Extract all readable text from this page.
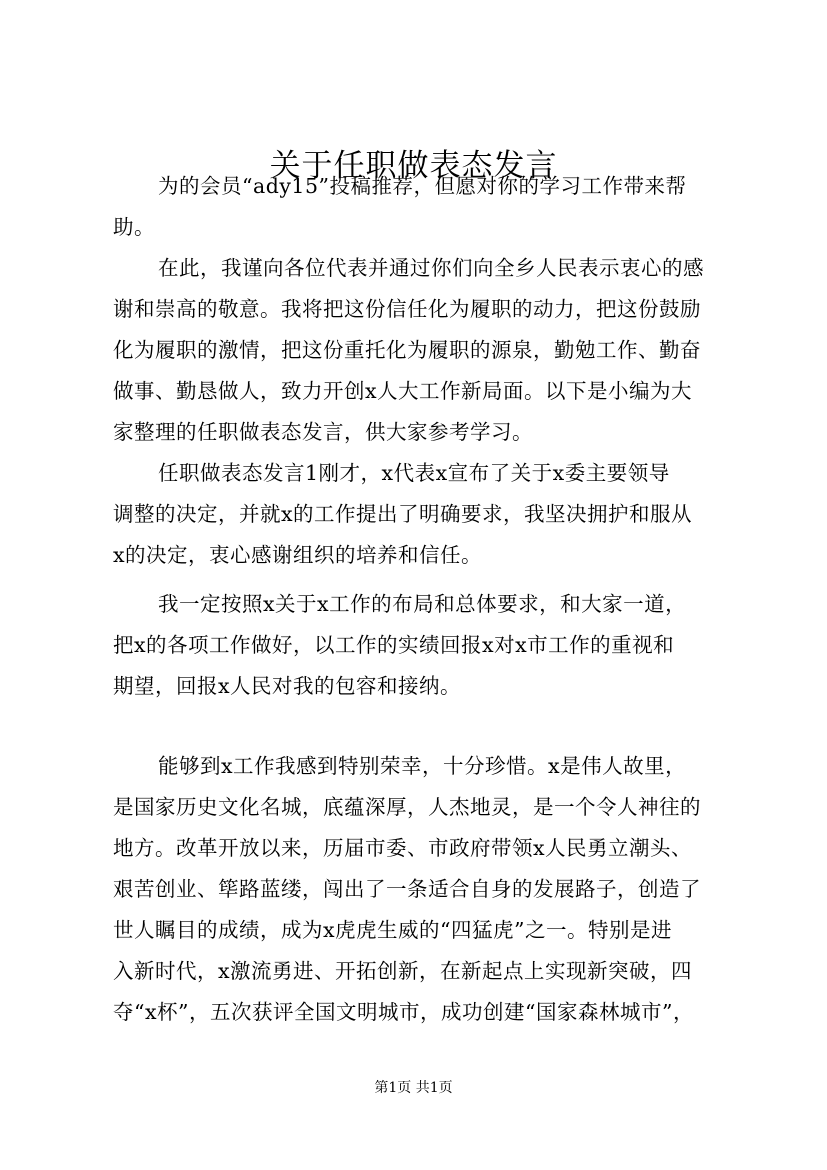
关于任职做表态发言
为的会员“ady15”投稿推荐，但愿对你的学习工作带来帮
助。
在此，我谨向各位代表并通过你们向全乡人民表示衷心的感
谢和崇高的敬意。我将把这份信任化为履职的动力，把这份鼓励
化为履职的激情，把这份重托化为履职的源泉，勤勉工作、勤奋
做事、勤恳做人，致力开创x人大工作新局面。以下是小编为大
家整理的任职做表态发言，供大家参考学习。
任职做表态发言1刚才，x代表x宣布了关于x委主要领导
调整的决定，并就x的工作提出了明确要求，我坚决拥护和服从
x的决定，衷心感谢组织的培养和信任。
我一定按照x关于x工作的布局和总体要求，和大家一道，
把x的各项工作做好，以工作的实绩回报x对x市工作的重视和
期望，回报x人民对我的包容和接纳。
能够到x工作我感到特别荣幸，十分珍惜。x是伟人故里，
是国家历史文化名城，底蕴深厚，人杰地灵，是一个令人神往的
地方。改革开放以来，历届市委、市政府带领x人民勇立潮头、
艰苦创业、筚路蓝缕，闯出了一条适合自身的发展路子，创造了
世人瞩目的成绩，成为x虎虎生威的“四猛虎”之一。特别是进
入新时代，x激流勇进、开拓创新，在新起点上实现新突破，四
夺“x杯”，五次获评全国文明城市，成功创建“国家森林城市”，
第1页 共1页
